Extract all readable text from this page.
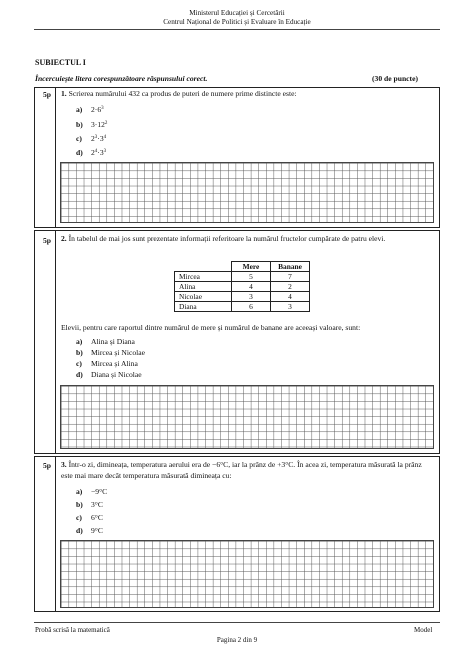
Ministerul Educației și Cercetării
Centrul Național de Politici și Evaluare în Educație
SUBIECTUL I
Încercuiește litera corespunzătoare răspunsului corect.	(30 de puncte)
5p 1. Scrierea numărului 432 ca produs de puteri de numere prime distincte este:
a) $2\cdot 6^3$
b) $3\cdot 12^2$
c) $2^3\cdot 3^4$
d) $2^4\cdot 3^3$
5p 2. În tabelul de mai jos sunt prezentate informații referitoare la numărul fructelor cumpărate de patru elevi.
	Mere	Banane
Mircea	5	7
Alina	4	2
Nicolae	3	4
Diana	6	3
Elevii, pentru care raportul dintre numărul de mere și numărul de banane are aceeași valoare, sunt:
a) Alina și Diana
b) Mircea și Nicolae
c) Mircea și Alina
d) Diana și Nicolae
5p 3. Într-o zi, dimineața, temperatura aerului era de −6°C, iar la prânz de +3°C. În acea zi, temperatura măsurată la prânz este mai mare decât temperatura măsurată dimineața cu:
a) −9°C
b) 3°C
c) 6°C
d) 9°C
Probă scrisă la matematică
Pagina 2 din 9
Model
